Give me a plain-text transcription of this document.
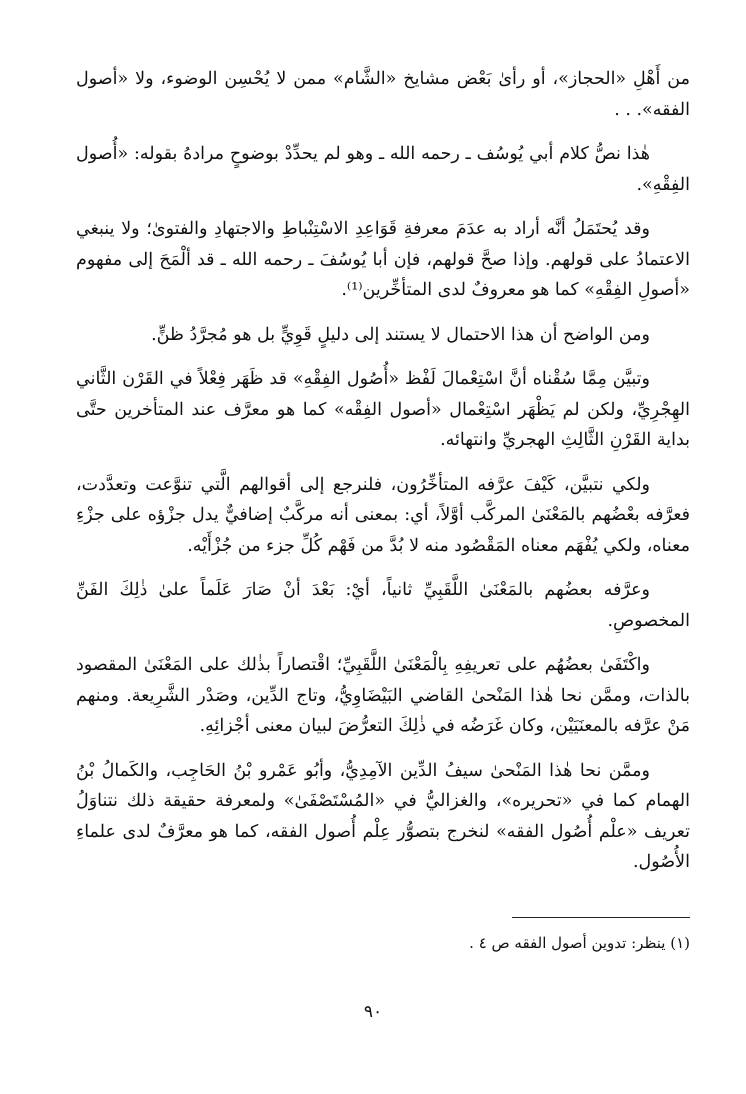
من أَهْلِ «الحجاز»، أو رأىٰ بَعْض مشايخ «الشَّام» ممن لا يُحْسِن الوضوء، ولا «أصول الفقه». . .

هٰذا نصُّ كلام أبي يُوسُف ـ رحمه الله ـ وهو لم يحدِّدْ بوضوحٍ مرادهُ بقوله: «أُصول الفِقْهِ».

وقد يُحتَمَلُ أنَّه أراد به عدَمَ معرفةِ قَوَاعِدِ الاسْتِنْباطِ والاجتهادِ والفتوىٰ؛ ولا ينبغي الاعتمادُ على قولهم. وإذا صحَّ قولهم، فإن أبا يُوسُفَ ـ رحمه الله ـ قد ألْمَحَ إلى مفهوم «أصولِ الفِقْهِ» كما هو معروفٌ لدى المتأخِّرين⁽¹⁾.

ومن الواضح أن هذا الاحتمال لا يستند إلى دليلٍ قَوِيٍّ بل هو مُجرَّدُ ظنٍّ.

وتبيَّن مِمَّا سُقْناه أنَّ اسْتِعْمالَ لَفْظ «أُصُول الفِقْهِ» قد ظَهَر فِعْلاً في القَرْن الثَّاني الهِجْرِيِّ، ولكن لم يَظْهَر اسْتِعْمال «أصول الفِقْه» كما هو معرَّف عند المتأخرين حتَّى بداية القَرْنِ الثَّالِثِ الهجريِّ وانتهائه.

ولكي نتبيَّن، كَيْفَ عرَّفه المتأخِّرُون، فلنرجع إلى أقوالهم الَّتي تنوَّعت وتعدَّدت، فعرَّفه بعْضُهم بالمَعْنَىٰ المركَّب أوَّلاً، أي: بمعنى أنه مركَّبٌ إضافيٌّ يدل جزْؤه على جزْءِ معناه، ولكي يُفْهَم معناه المَقْصُود منه لا بُدَّ من فَهْم كُلِّ جزء من جُزْأَيْه.

وعرَّفه بعضُهم بالمَعْنَىٰ اللَّقَبِيِّ ثانياً، أيْ: بَعْدَ أنْ صَارَ عَلَماً علىٰ ذٰلِكَ الفَنِّ المخصوصِ.

واكْتَفَىٰ بعضُهُم على تعريفِهِ بِالْمَعْنَىٰ اللَّقَبِيِّ؛ اقْتصاراً بذٰلك على المَعْنَىٰ المقصود بالذات، وممَّن نحا هٰذا المَنْحىٰ القاضي البَيْضَاوِيُّ، وتاج الدِّين، وصَدْر الشَّرِيعة. ومنهم مَنْ عرَّفه بالمعنَيَيْن، وكان غَرَضُه في ذٰلِكَ التعرُّضَ لبيان معنى أجْزائِهِ.

وممَّن نحا هٰذا المَنْحىٰ سيفُ الدِّين الآمِدِيُّ، وأبُو عَمْرو بْنُ الحَاجِب، والكَمالُ بْنُ الهمام كما في «تحريره»، والغزاليُّ في «المُسْتَصْفَىٰ» ولمعرفة حقيقة ذلك نتناوَلُ تعريف «علْم أُصُول الفقه» لنخرج بتصوُّر عِلْم أُصول الفقه، كما هو معرَّفٌ لدى علماءِ الأُصُول.

(١) ينظر: تدوين أصول الفقه ص ٤ .
٩٠
